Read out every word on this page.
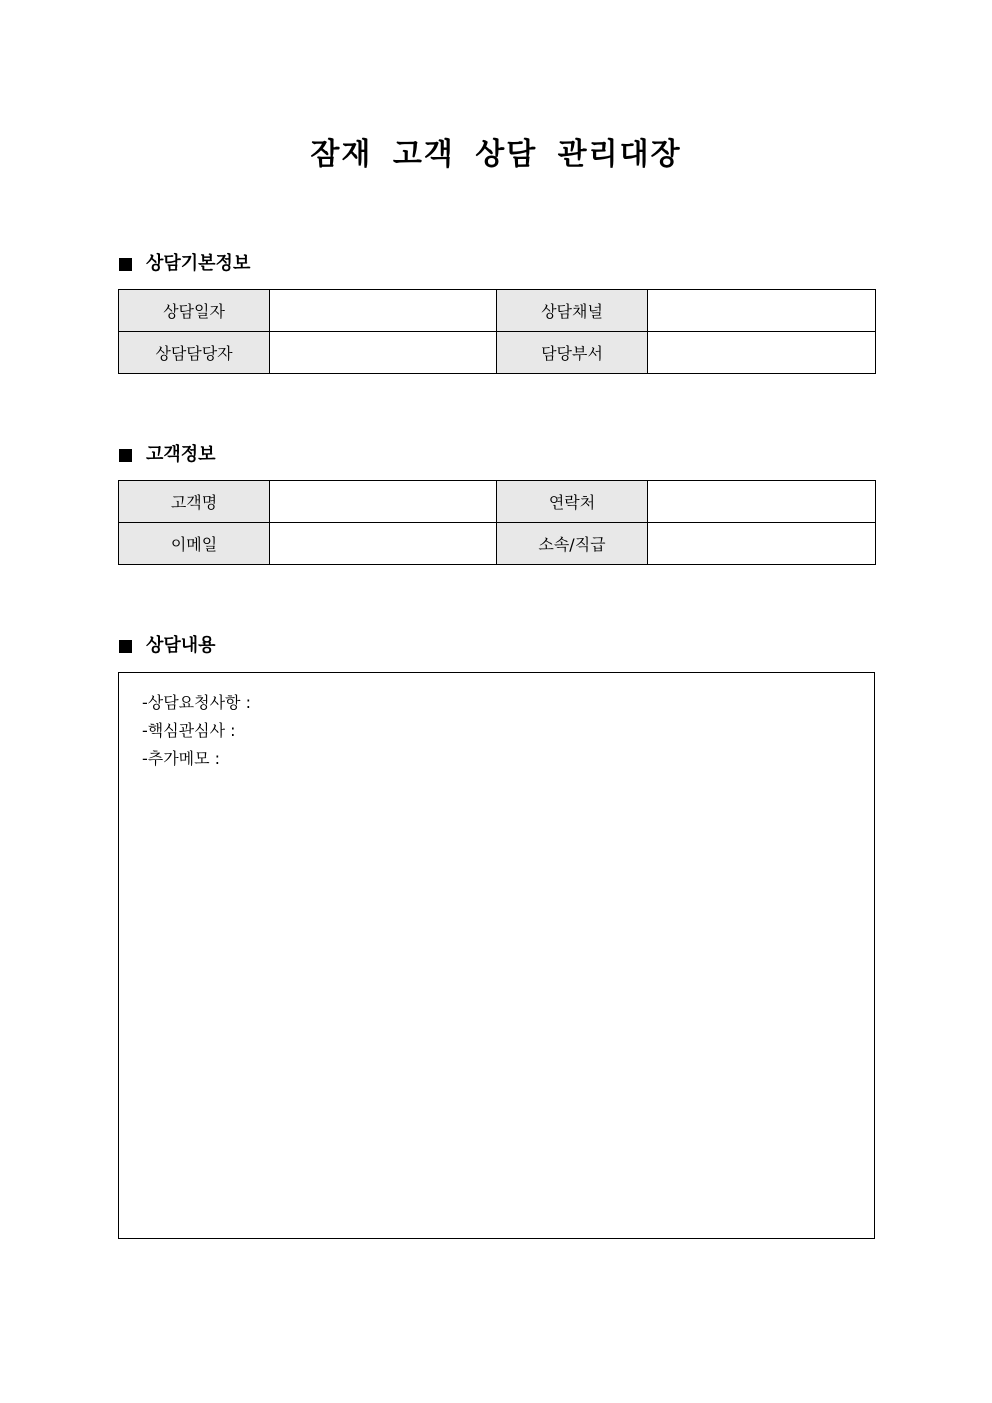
잠재 고객 상담 관리대장
상담기본정보
상담일자		상담채널	
상담담당자		담당부서	
고객정보
고객명		연락처	
이메일		소속/직급	
상담내용
-상담요청사항 :
-핵심관심사 :
-추가메모 :
